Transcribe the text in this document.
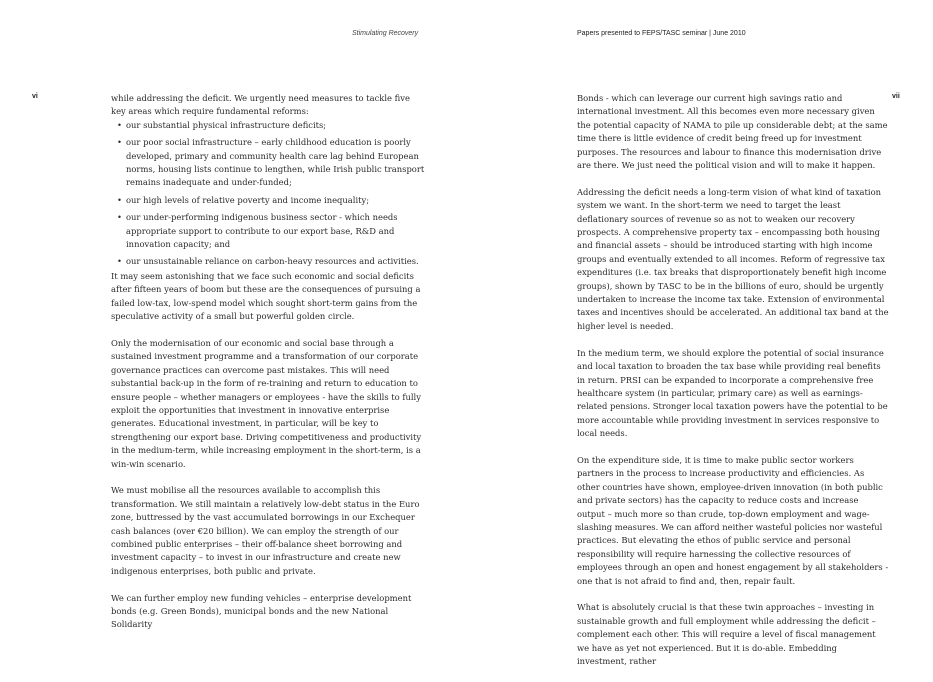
Stimulating Recovery
vi	while addressing the deficit. We urgently need measures to tackle five key areas which require fundamental reforms:

• our substantial physical infrastructure deficits;
• our poor social infrastructure – early childhood education is poorly developed, primary and community health care lag behind European norms, housing lists continue to lengthen, while Irish public transport remains inadequate and under-funded;
• our high levels of relative poverty and income inequality;
• our under-performing indigenous business sector - which needs appropriate support to contribute to our export base, R&D and innovation capacity; and
• our unsustainable reliance on carbon-heavy resources and activities.

It may seem astonishing that we face such economic and social deficits after fifteen years of boom but these are the consequences of pursuing a failed low-tax, low-spend model which sought short-term gains from the speculative activity of a small but powerful golden circle.

Only the modernisation of our economic and social base through a sustained investment programme and a transformation of our corporate governance practices can overcome past mistakes. This will need substantial back-up in the form of re-training and return to education to ensure people – whether managers or employees - have the skills to fully exploit the opportunities that investment in innovative enterprise generates. Educational investment, in particular, will be key to strengthening our export base. Driving competitiveness and productivity in the medium-term, while increasing employment in the short-term, is a win-win scenario.

We must mobilise all the resources available to accomplish this transformation. We still maintain a relatively low-debt status in the Euro zone, buttressed by the vast accumulated borrowings in our Exchequer cash balances (over €20 billion). We can employ the strength of our combined public enterprises – their off-balance sheet borrowing and investment capacity – to invest in our infrastructure and create new indigenous enterprises, both public and private.

We can further employ new funding vehicles – enterprise development bonds (e.g. Green Bonds), municipal bonds and the new National Solidarity

Papers presented to FEPS/TASC seminar | June 2010
vii

Bonds - which can leverage our current high savings ratio and international investment. All this becomes even more necessary given the potential capacity of NAMA to pile up considerable debt; at the same time there is little evidence of credit being freed up for investment purposes. The resources and labour to finance this modernisation drive are there. We just need the political vision and will to make it happen.

Addressing the deficit needs a long-term vision of what kind of taxation system we want. In the short-term we need to target the least deflationary sources of revenue so as not to weaken our recovery prospects. A comprehensive property tax – encompassing both housing and financial assets – should be introduced starting with high income groups and eventually extended to all incomes. Reform of regressive tax expenditures (i.e. tax breaks that disproportionately benefit high income groups), shown by TASC to be in the billions of euro, should be urgently undertaken to increase the income tax take. Extension of environmental taxes and incentives should be accelerated. An additional tax band at the higher level is needed.

In the medium term, we should explore the potential of social insurance and local taxation to broaden the tax base while providing real benefits in return. PRSI can be expanded to incorporate a comprehensive free healthcare system (in particular, primary care) as well as earnings-related pensions. Stronger local taxation powers have the potential to be more accountable while providing investment in services responsive to local needs.

On the expenditure side, it is time to make public sector workers partners in the process to increase productivity and efficiencies. As other countries have shown, employee-driven innovation (in both public and private sectors) has the capacity to reduce costs and increase output – much more so than crude, top-down employment and wage-slashing measures. We can afford neither wasteful policies nor wasteful practices. But elevating the ethos of public service and personal responsibility will require harnessing the collective resources of employees through an open and honest engagement by all stakeholders - one that is not afraid to find and, then, repair fault.

What is absolutely crucial is that these twin approaches – investing in sustainable growth and full employment while addressing the deficit – complement each other. This will require a level of fiscal management we have as yet not experienced. But it is do-able. Embedding investment, rather
